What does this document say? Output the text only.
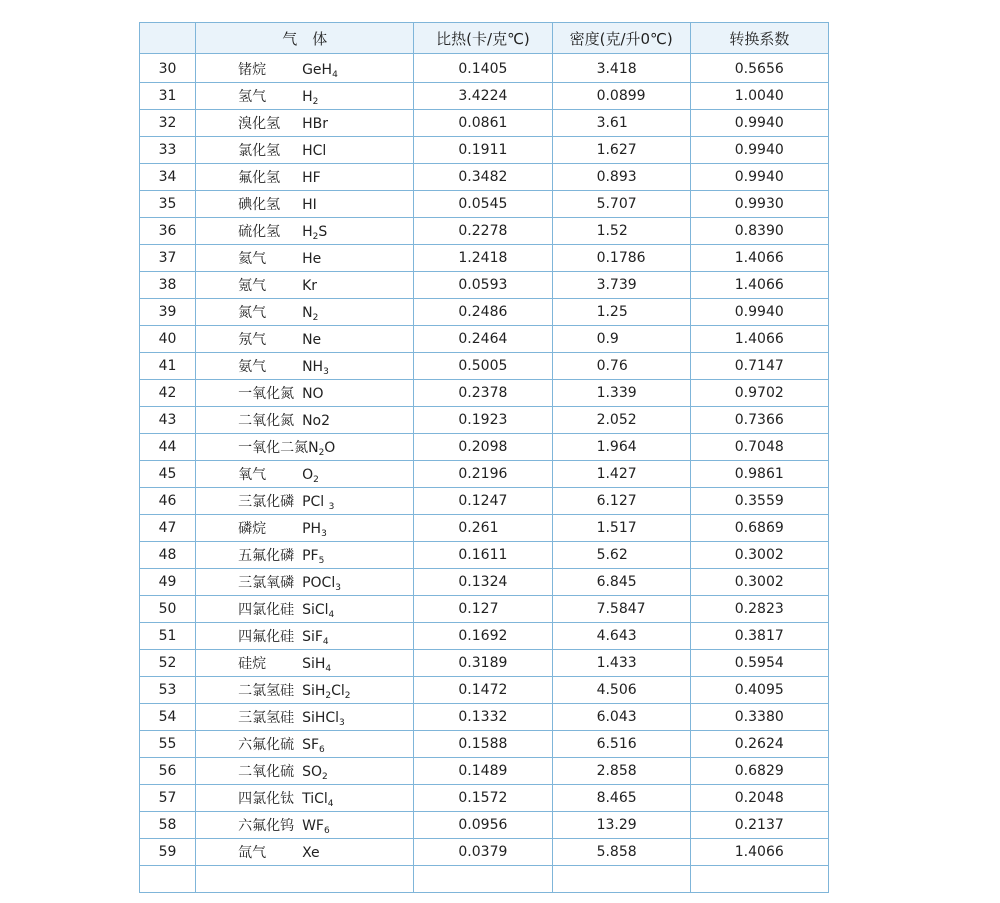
	气　体	比热(卡/克℃)	密度(克/升0℃)	转换系数
30	锗烷 GeH$_4$	0.1405	3.418	0.5656
31	氢气 $H_2$	3.4224	0.0899	1.0040
32	溴化氢 HBr	0.0861	3.61	0.9940
33	氯化氢 HCl	0.1911	1.627	0.9940
34	氟化氢 HF	0.3482	0.893	0.9940
35	碘化氢 HI	0.0545	5.707	0.9930
36	硫化氢 $H_2S$	0.2278	1.52	0.8390
37	氦气 He	1.2418	0.1786	1.4066
38	氪气 Kr	0.0593	3.739	1.4066
39	氮气 $N_2$	0.2486	1.25	0.9940
40	氖气 Ne	0.2464	0.9	1.4066
41	氨气 $NH_3$	0.5005	0.76	0.7147
42	一氧化氮 NO	0.2378	1.339	0.9702
43	二氧化氮 No2	0.1923	2.052	0.7366
44	一氧化二氮$N_2O$	0.2098	1.964	0.7048
45	氧气 $O_2$	0.2196	1.427	0.9861
46	三氯化磷 PCl $_3$	0.1247	6.127	0.3559
47	磷烷 $PH_3$	0.261	1.517	0.6869
48	五氟化磷 $PF_5$	0.1611	5.62	0.3002
49	三氯氧磷 POCl$_3$	0.1324	6.845	0.3002
50	四氯化硅 SiCl$_4$	0.127	7.5847	0.2823
51	四氟化硅 SiF$_4$	0.1692	4.643	0.3817
52	硅烷 SiH$_4$	0.3189	1.433	0.5954
53	二氯氢硅 $SiH_2Cl_2$	0.1472	4.506	0.4095
54	三氯氢硅 SiHCl$_3$	0.1332	6.043	0.3380
55	六氟化硫 $SF_6$	0.1588	6.516	0.2624
56	二氧化硫 $SO_2$	0.1489	2.858	0.6829
57	四氯化钛 TiCl$_4$	0.1572	8.465	0.2048
58	六氟化钨 $WF_6$	0.0956	13.29	0.2137
59	氙气 Xe	0.0379	5.858	1.4066
